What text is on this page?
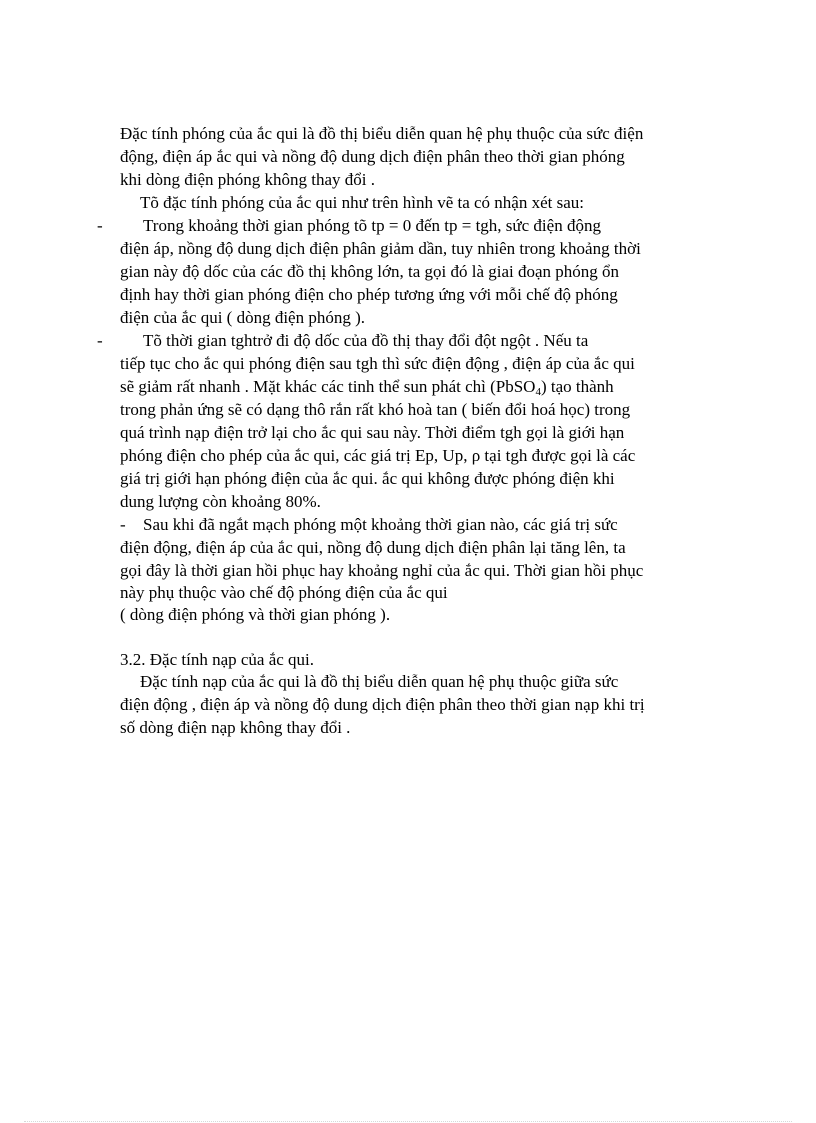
Đặc tính phóng của ắc qui là đồ thị biểu diễn quan hệ phụ thuộc của sức điện
động, điện áp ắc qui và nồng độ dung dịch điện phân theo thời gian phóng
khi dòng điện phóng không thay đổi .
Tõ đặc tính phóng của ắc qui như trên hình vẽ ta có nhận xét sau:
- Trong khoảng thời gian phóng tõ tp = 0 đến tp = tgh, sức điện động
điện áp, nồng độ dung dịch điện phân giảm dần, tuy nhiên trong khoảng thời
gian này độ dốc của các đồ thị không lớn, ta gọi đó là giai đoạn phóng ổn
định hay thời gian phóng điện cho phép tương ứng với mỗi chế độ phóng
điện của ắc qui ( dòng điện phóng ).
- Tõ thời gian tghtrở đi độ dốc của đồ thị thay đổi đột ngột . Nếu ta
tiếp tục cho ắc qui phóng điện sau tgh thì sức điện động , điện áp của ắc qui
sẽ giảm rất nhanh . Mặt khác các tinh thể sun phát chì (PbSO$_4$) tạo thành
trong phản ứng sẽ có dạng thô rắn rất khó hoà tan ( biến đổi hoá học) trong
quá trình nạp điện trở lại cho ắc qui sau này. Thời điểm tgh gọi là giới hạn
phóng điện cho phép của ắc qui, các giá trị Ep, Up, ρ tại tgh được gọi là các
giá trị giới hạn phóng điện của ắc qui. ắc qui không được phóng điện khi
dung lượng còn khoảng 80%.
- Sau khi đã ngắt mạch phóng một khoảng thời gian nào, các giá trị sức
điện động, điện áp của ắc qui, nồng độ dung dịch điện phân lại tăng lên, ta
gọi đây là thời gian hồi phục hay khoảng nghỉ của ắc qui. Thời gian hồi phục
này phụ thuộc vào chế độ phóng điện của ắc qui
( dòng điện phóng và thời gian phóng ).
3.2. Đặc tính nạp của ắc qui.
Đặc tính nạp của ắc qui là đồ thị biểu diễn quan hệ phụ thuộc giữa sức
điện động , điện áp và nồng độ dung dịch điện phân theo thời gian nạp khi trị
số dòng điện nạp không thay đổi .
